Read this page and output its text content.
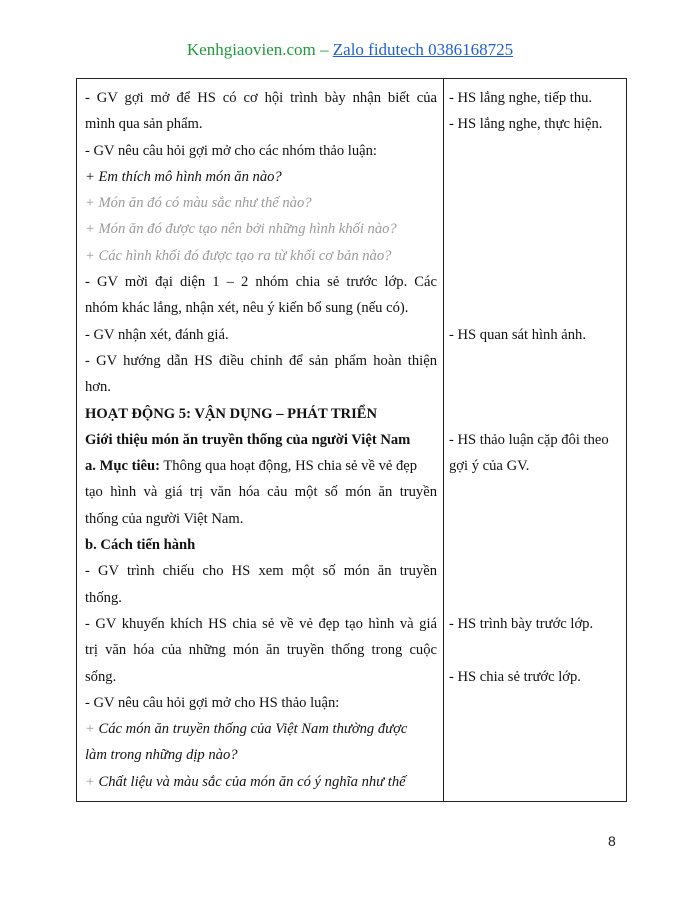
Kenhgiaovien.com – Zalo fidutech 0386168725
- GV gợi mở để HS có cơ hội trình bày nhận biết của
mình qua sản phẩm.
- GV nêu câu hỏi gợi mở cho các nhóm thảo luận:
+ Em thích mô hình món ăn nào?
+ Món ăn đó có màu sắc như thế nào?
+ Món ăn đó được tạo nên bởi những hình khối nào?
+ Các hình khối đó được tạo ra từ khối cơ bản nào?
- GV mời đại diện 1 – 2 nhóm chia sẻ trước lớp. Các
nhóm khác lắng, nhận xét, nêu ý kiến bổ sung (nếu có).
- GV nhận xét, đánh giá.
- GV hướng dẫn HS điều chỉnh để sản phẩm hoàn thiện
hơn.
HOẠT ĐỘNG 5: VẬN DỤNG – PHÁT TRIỂN
Giới thiệu món ăn truyền thống của người Việt Nam
a. Mục tiêu: Thông qua hoạt động, HS chia sẻ về vẻ đẹp
tạo hình và giá trị văn hóa cảu một số món ăn truyền
thống của người Việt Nam.
b. Cách tiến hành
- GV trình chiếu cho HS xem một số món ăn truyền
thống.
- GV khuyến khích HS chia sẻ về vẻ đẹp tạo hình và giá
trị văn hóa của những món ăn truyền thống trong cuộc
sống.
- GV nêu câu hỏi gợi mở cho HS thảo luận:
+ Các món ăn truyền thống của Việt Nam thường được
làm trong những dịp nào?
+ Chất liệu và màu sắc của món ăn có ý nghĩa như thế
- HS lắng nghe, tiếp thu.
- HS lắng nghe, thực hiện.
- HS quan sát hình ảnh.
- HS thảo luận cặp đôi theo
gợi ý của GV.
- HS trình bày trước lớp.
- HS chia sẻ trước lớp.
8
